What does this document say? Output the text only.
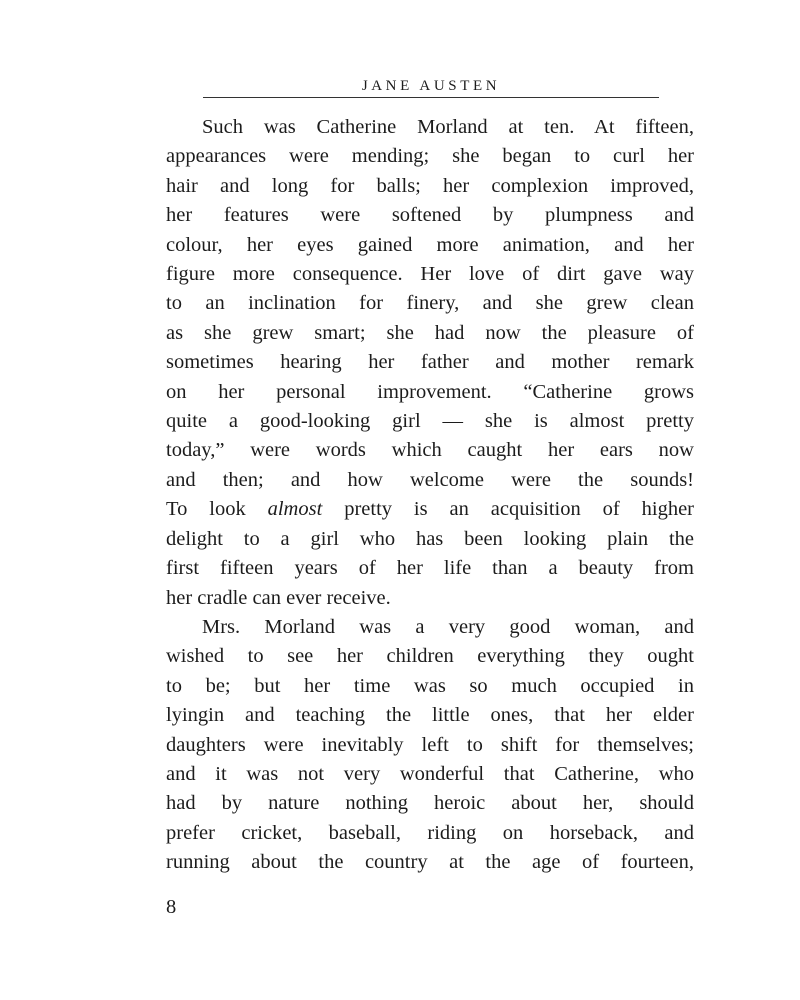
JANE AUSTEN
Such was Catherine Morland at ten. At fifteen,
appearances were mending; she began to curl her
hair and long for balls; her complexion improved,
her features were softened by plumpness and
colour, her eyes gained more animation, and her
figure more consequence. Her love of dirt gave way
to an inclination for finery, and she grew clean
as she grew smart; she had now the pleasure of
sometimes hearing her father and mother remark
on her personal improvement. “Catherine grows
quite a good-looking girl — she is almost pretty
today,” were words which caught her ears now
and then; and how welcome were the sounds!
To look almost pretty is an acquisition of higher
delight to a girl who has been looking plain the
first fifteen years of her life than a beauty from
her cradle can ever receive.
Mrs. Morland was a very good woman, and
wished to see her children everything they ought
to be; but her time was so much occupied in
lyingin and teaching the little ones, that her elder
daughters were inevitably left to shift for themselves;
and it was not very wonderful that Catherine, who
had by nature nothing heroic about her, should
prefer cricket, baseball, riding on horseback, and
running about the country at the age of fourteen,
8
